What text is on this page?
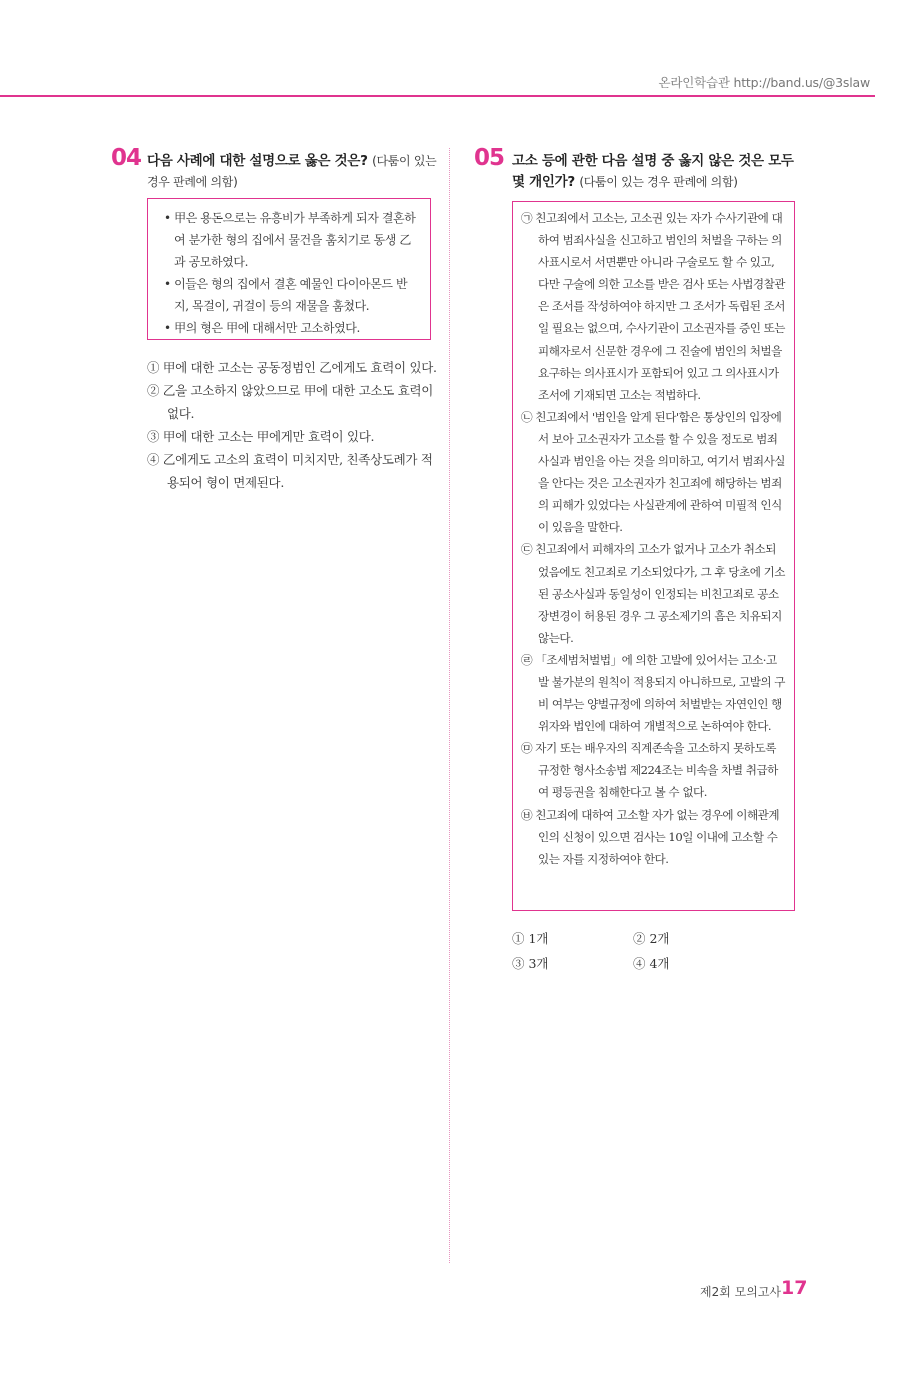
온라인학습관 http://band.us/@3slaw
04 다음 사례에 대한 설명으로 옳은 것은? (다툼이 있는 경우 판례에 의함)
• 甲은 용돈으로는 유흥비가 부족하게 되자 결혼하여 분가한 형의 집에서 물건을 훔치기로 동생 乙과 공모하였다.
• 이들은 형의 집에서 결혼 예물인 다이아몬드 반지, 목걸이, 귀걸이 등의 재물을 훔쳤다.
• 甲의 형은 甲에 대해서만 고소하였다.
① 甲에 대한 고소는 공동정범인 乙에게도 효력이 있다.
② 乙을 고소하지 않았으므로 甲에 대한 고소도 효력이 없다.
③ 甲에 대한 고소는 甲에게만 효력이 있다.
④ 乙에게도 고소의 효력이 미치지만, 친족상도례가 적용되어 형이 면제된다.
05 고소 등에 관한 다음 설명 중 옳지 않은 것은 모두 몇 개인가? (다툼이 있는 경우 판례에 의함)
㉠ 친고죄에서 고소는, 고소권 있는 자가 수사기관에 대하여 범죄사실을 신고하고 범인의 처벌을 구하는 의사표시로서 서면뿐만 아니라 구술로도 할 수 있고, 다만 구술에 의한 고소를 받은 검사 또는 사법경찰관은 조서를 작성하여야 하지만 그 조서가 독립된 조서일 필요는 없으며, 수사기관이 고소권자를 증인 또는 피해자로서 신문한 경우에 그 진술에 범인의 처벌을 요구하는 의사표시가 포함되어 있고 그 의사표시가 조서에 기재되면 고소는 적법하다.
㉡ 친고죄에서 '범인을 알게 된다'함은 통상인의 입장에서 보아 고소권자가 고소를 할 수 있을 정도로 범죄사실과 범인을 아는 것을 의미하고, 여기서 범죄사실을 안다는 것은 고소권자가 친고죄에 해당하는 범죄의 피해가 있었다는 사실관계에 관하여 미필적 인식이 있음을 말한다.
㉢ 친고죄에서 피해자의 고소가 없거나 고소가 취소되었음에도 친고죄로 기소되었다가, 그 후 당초에 기소된 공소사실과 동일성이 인정되는 비친고죄로 공소장변경이 허용된 경우 그 공소제기의 흠은 치유되지 않는다.
㉣ 「조세범처벌법」에 의한 고발에 있어서는 고소·고발 불가분의 원칙이 적용되지 아니하므로, 고발의 구비 여부는 양벌규정에 의하여 처벌받는 자연인인 행위자와 법인에 대하여 개별적으로 논하여야 한다.
㉤ 자기 또는 배우자의 직계존속을 고소하지 못하도록 규정한 형사소송법 제224조는 비속을 차별 취급하여 평등권을 침해한다고 볼 수 없다.
㉥ 친고죄에 대하여 고소할 자가 없는 경우에 이해관계인의 신청이 있으면 검사는 10일 이내에 고소할 수 있는 자를 지정하여야 한다.
① 1개	② 2개
③ 3개	④ 4개
제2회 모의고사 17
